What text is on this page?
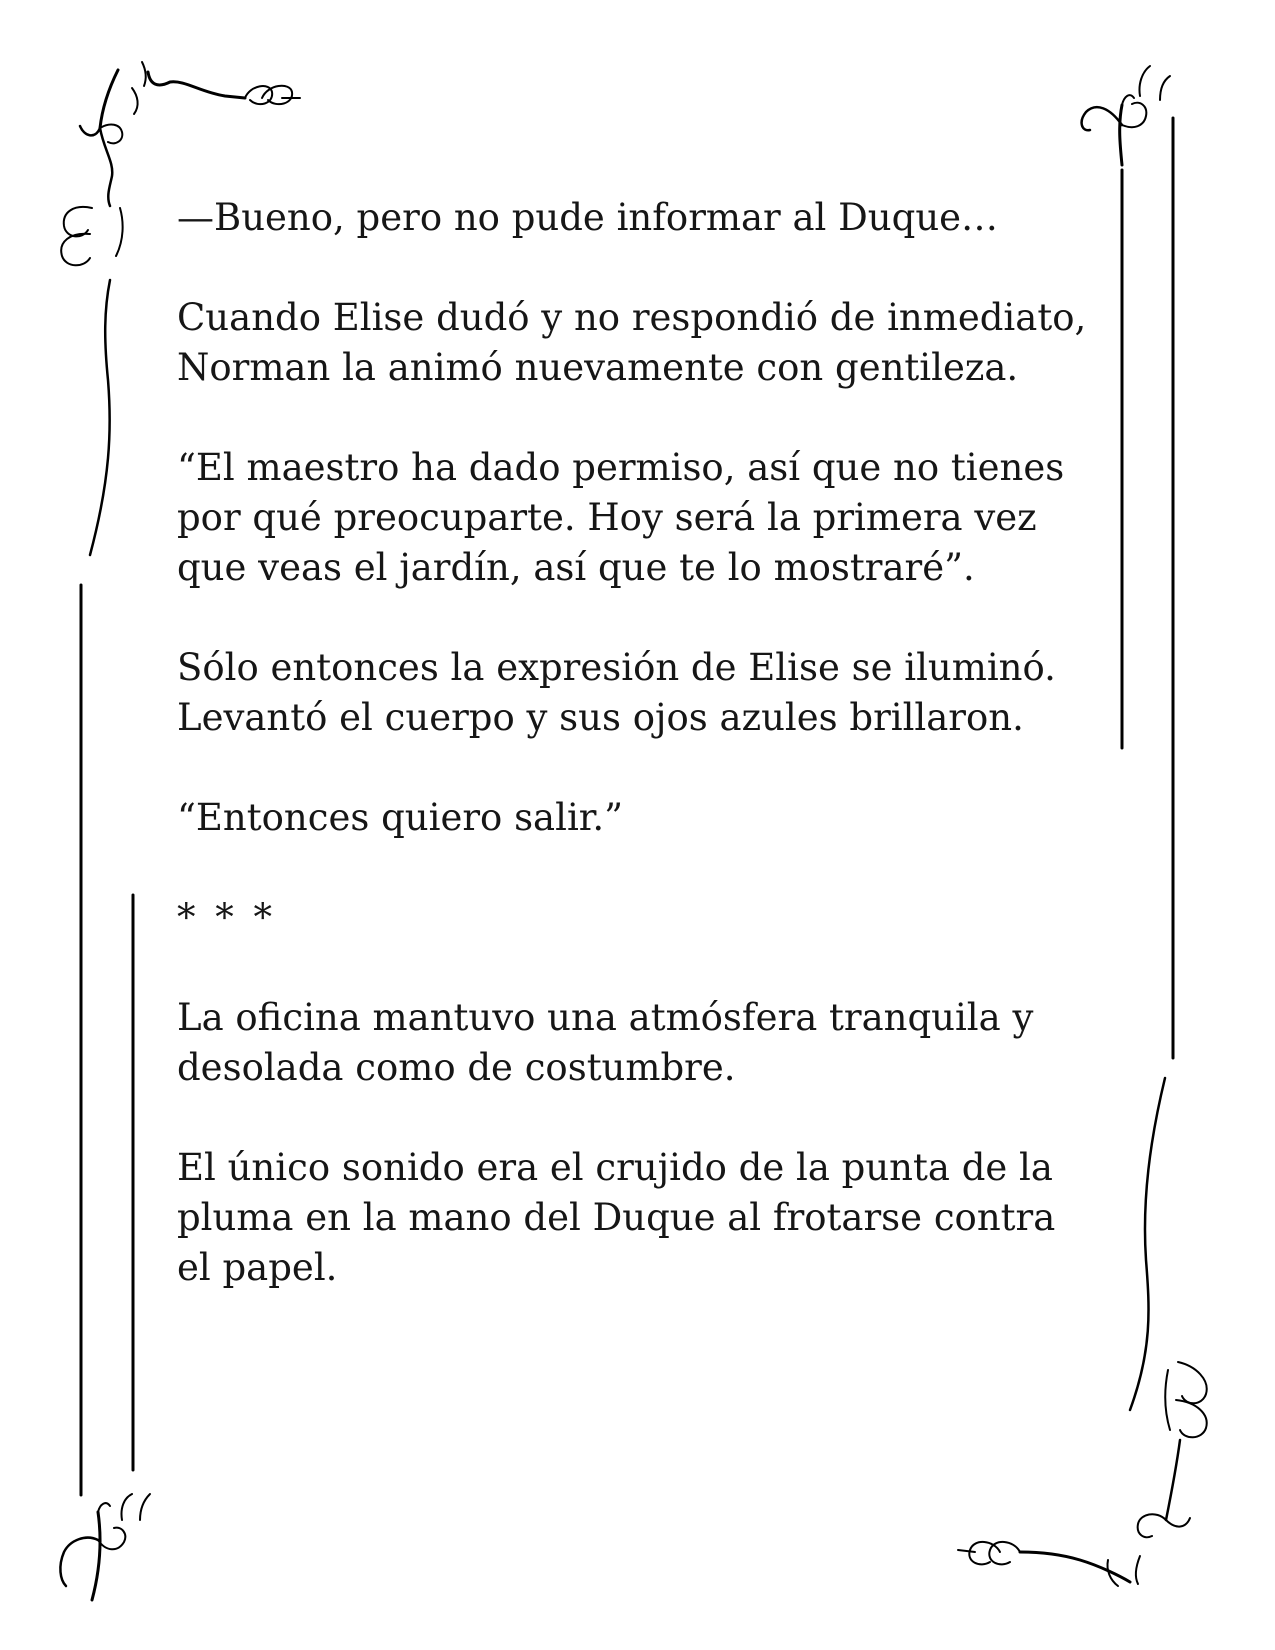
—Bueno, pero no pude informar al Duque…

Cuando Elise dudó y no respondió de inmediato, Norman la animó nuevamente con gentileza.

“El maestro ha dado permiso, así que no tienes por qué preocuparte. Hoy será la primera vez que veas el jardín, así que te lo mostraré”.

Sólo entonces la expresión de Elise se iluminó. Levantó el cuerpo y sus ojos azules brillaron.

“Entonces quiero salir.”

* * *

La oficina mantuvo una atmósfera tranquila y desolada como de costumbre.

El único sonido era el crujido de la punta de la pluma en la mano del Duque al frotarse contra el papel.
